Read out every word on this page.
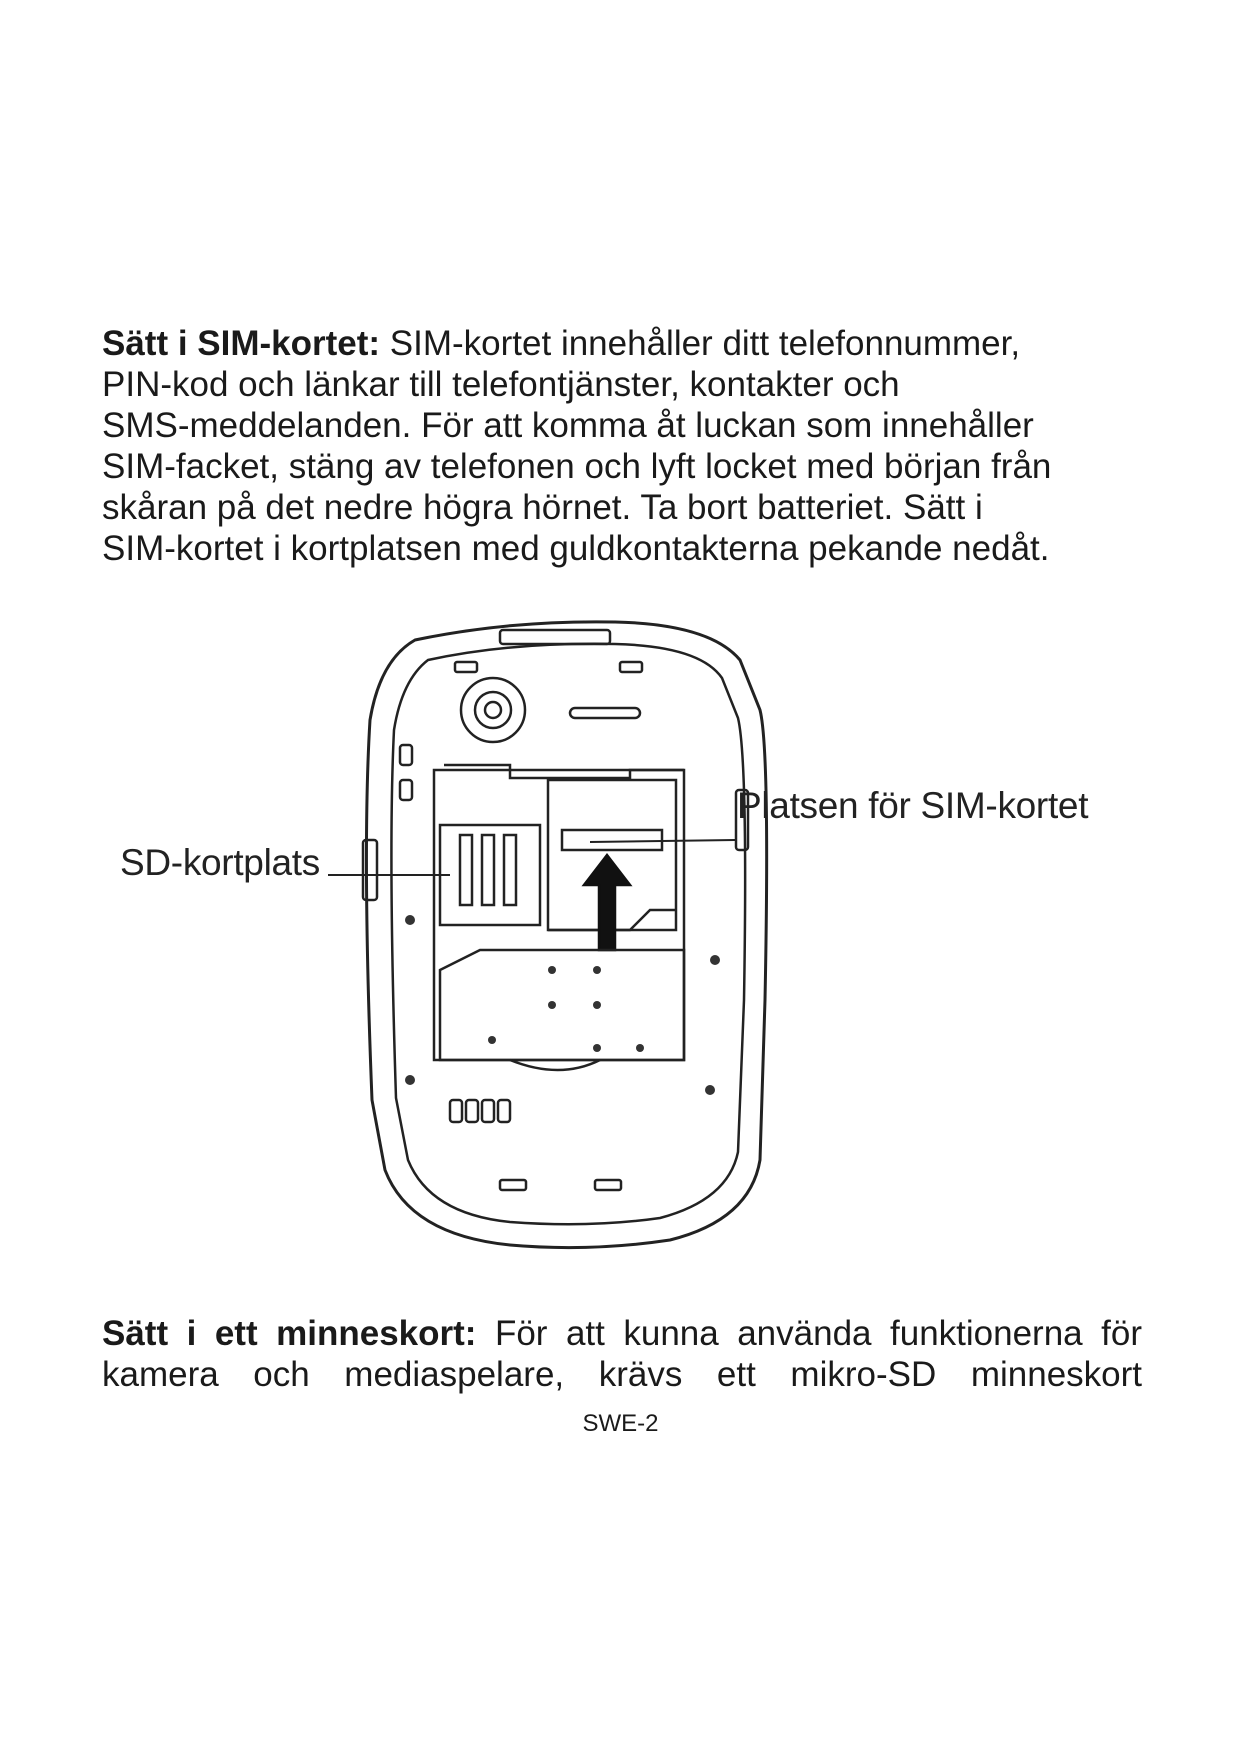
Sätt i SIM-kortet: SIM-kortet innehåller ditt telefonnummer,
PIN-kod och länkar till telefontjänster, kontakter och
SMS-meddelanden. För att komma åt luckan som innehåller
SIM-facket, stäng av telefonen och lyft locket med början från
skåran på det nedre högra hörnet. Ta bort batteriet. Sätt i
SIM-kortet i kortplatsen med guldkontakterna pekande nedåt.

Platsen för SIM-kortet
SD-kortplats
Sätt i ett minneskort: För att kunna använda funktionerna för
kamera och mediaspelare, krävs ett mikro-SD minneskort
SWE-2
